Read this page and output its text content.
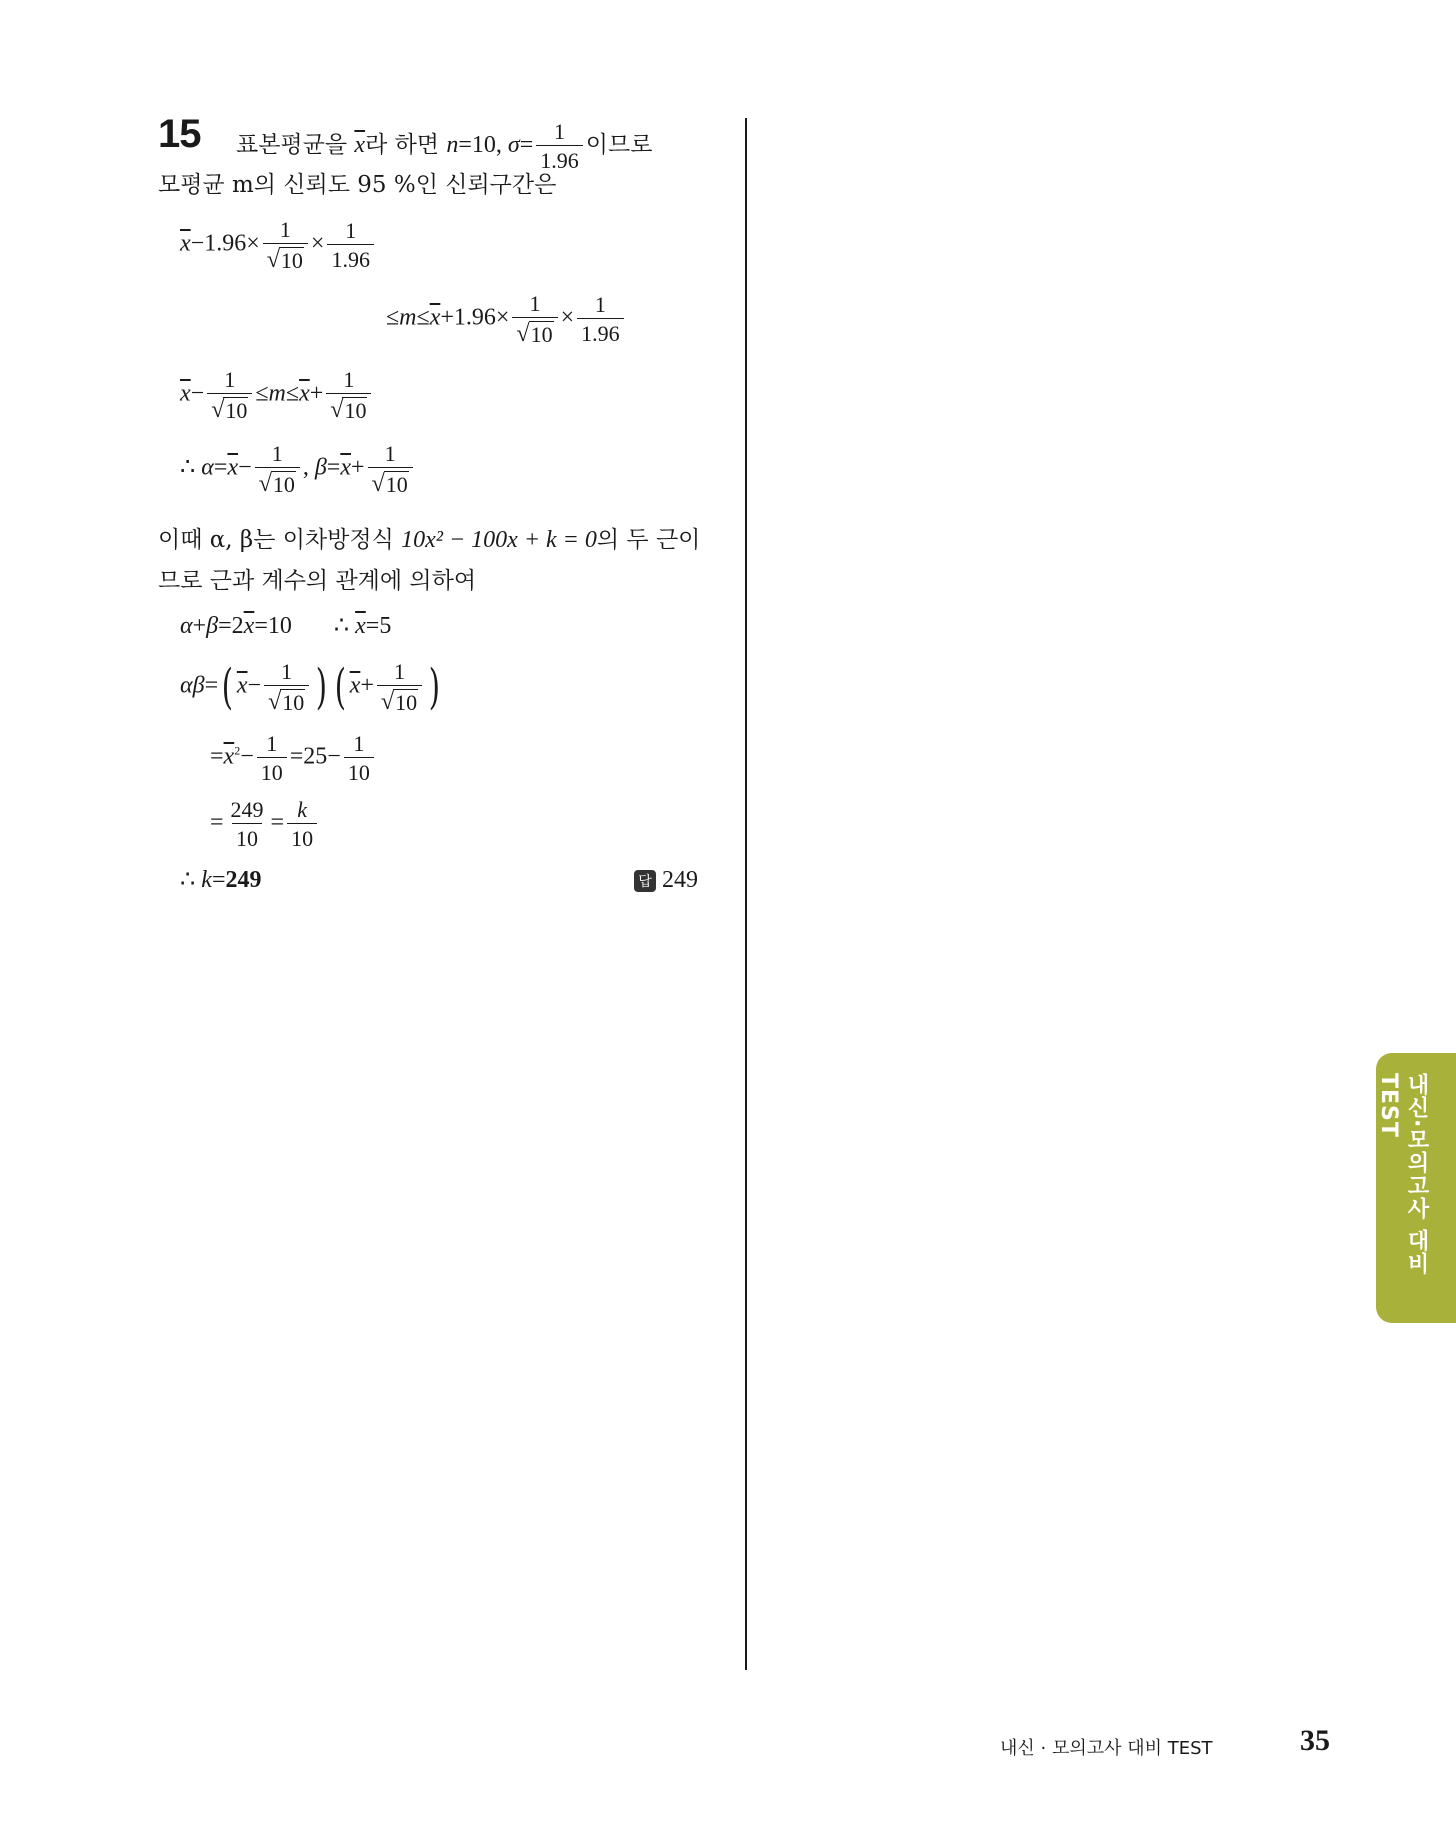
15 표본평균을 $\overline{x}$라 하면 n=10, $\sigma= \frac{1}{1.96}$ 이므로
모평균 m의 신뢰도 95 %인 신뢰구간은
$\overline{x}-1.96\times \frac{1}{√ 10} \times \frac{1}{1.96}$
$\le m\le\overline{x}+1.96\times \frac{1}{√ 10} \times \frac{1}{1.96}$
$\overline{x}- \frac{1}{√ 10} \le m\le\overline{x}+ \frac{1}{√ 10}$
∴ $\alpha=\overline{x}- \frac{1}{√ 10}$ , $\beta=\overline{x}+ \frac{1}{√ 10}$
이때 α, β는 이차방정식 10x² − 100x + k = 0의 두 근이
므로 근과 계수의 관계에 의하여
$\alpha+\beta=2\overline{x}=10$       ∴ $\overline{x}=5$
αβ=( $\overline{x}- \frac{1}{√ 10}$ ) ( $\overline{x}+ \frac{1}{√ 10}$ )
$=\overline{x}^2- \frac{1}{10} =25- \frac{1}{10}$
= $\frac{249}{10} = \frac{k}{10}$
∴ k=249	답 249
내신·모의고사 대비 TEST
내신 · 모의고사 대비 TEST	35
